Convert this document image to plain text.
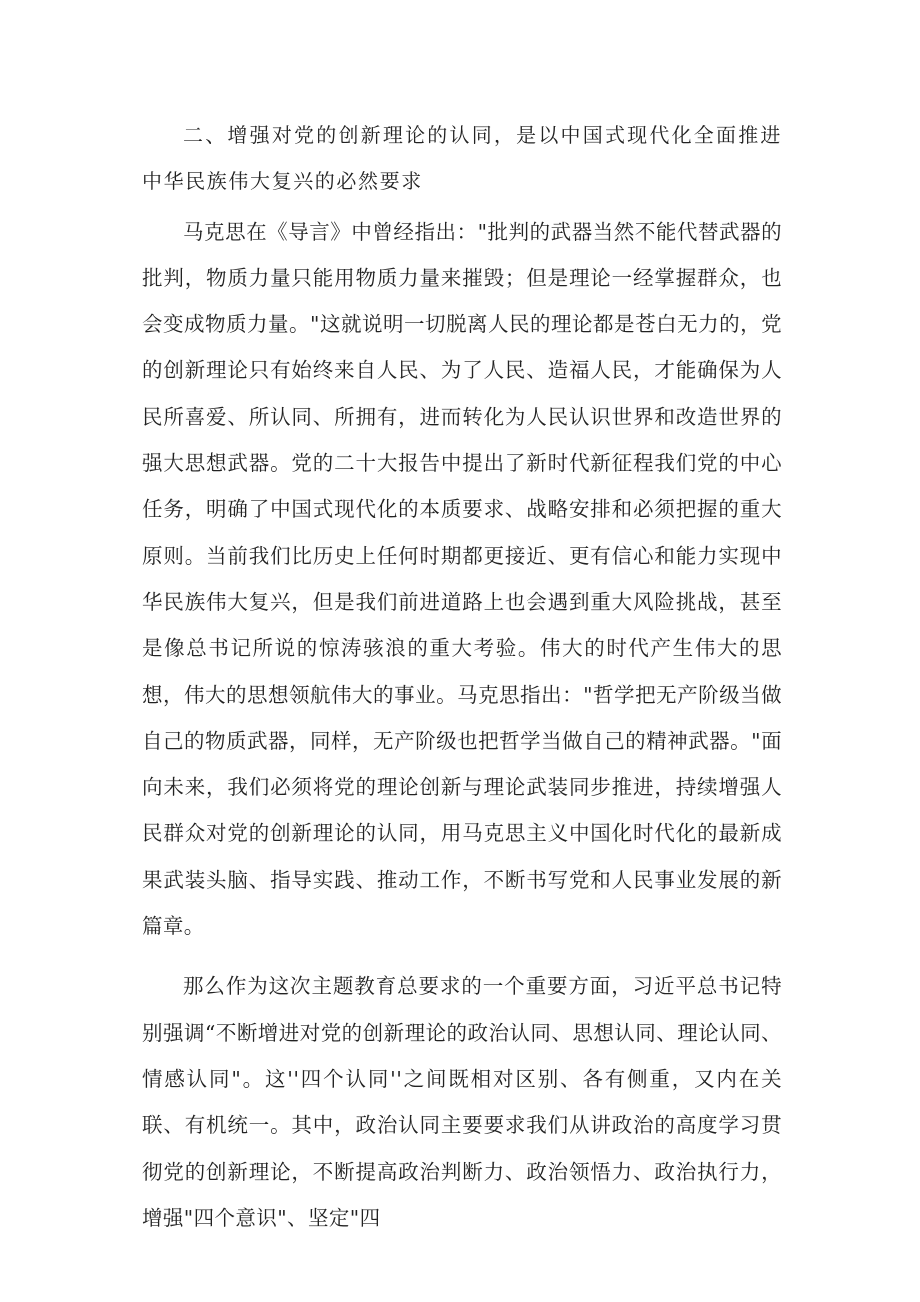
二、增强对党的创新理论的认同，是以中国式现代化全面推进中华民族伟大复兴的必然要求

马克思在《导言》中曾经指出："批判的武器当然不能代替武器的批判，物质力量只能用物质力量来摧毁；但是理论一经掌握群众，也会变成物质力量。"这就说明一切脱离人民的理论都是苍白无力的，党的创新理论只有始终来自人民、为了人民、造福人民，才能确保为人民所喜爱、所认同、所拥有，进而转化为人民认识世界和改造世界的强大思想武器。党的二十大报告中提出了新时代新征程我们党的中心任务，明确了中国式现代化的本质要求、战略安排和必须把握的重大原则。当前我们比历史上任何时期都更接近、更有信心和能力实现中华民族伟大复兴，但是我们前进道路上也会遇到重大风险挑战，甚至是像总书记所说的惊涛骇浪的重大考验。伟大的时代产生伟大的思想，伟大的思想领航伟大的事业。马克思指出："哲学把无产阶级当做自己的物质武器，同样，无产阶级也把哲学当做自己的精神武器。"面向未来，我们必须将党的理论创新与理论武装同步推进，持续增强人民群众对党的创新理论的认同，用马克思主义中国化时代化的最新成果武装头脑、指导实践、推动工作，不断书写党和人民事业发展的新篇章。

那么作为这次主题教育总要求的一个重要方面，习近平总书记特别强调“不断增进对党的创新理论的政治认同、思想认同、理论认同、情感认同"。这''四个认同''之间既相对区别、各有侧重，又内在关联、有机统一。其中，政治认同主要要求我们从讲政治的高度学习贯彻党的创新理论，不断提高政治判断力、政治领悟力、政治执行力，增强"四个意识"、坚定"四
